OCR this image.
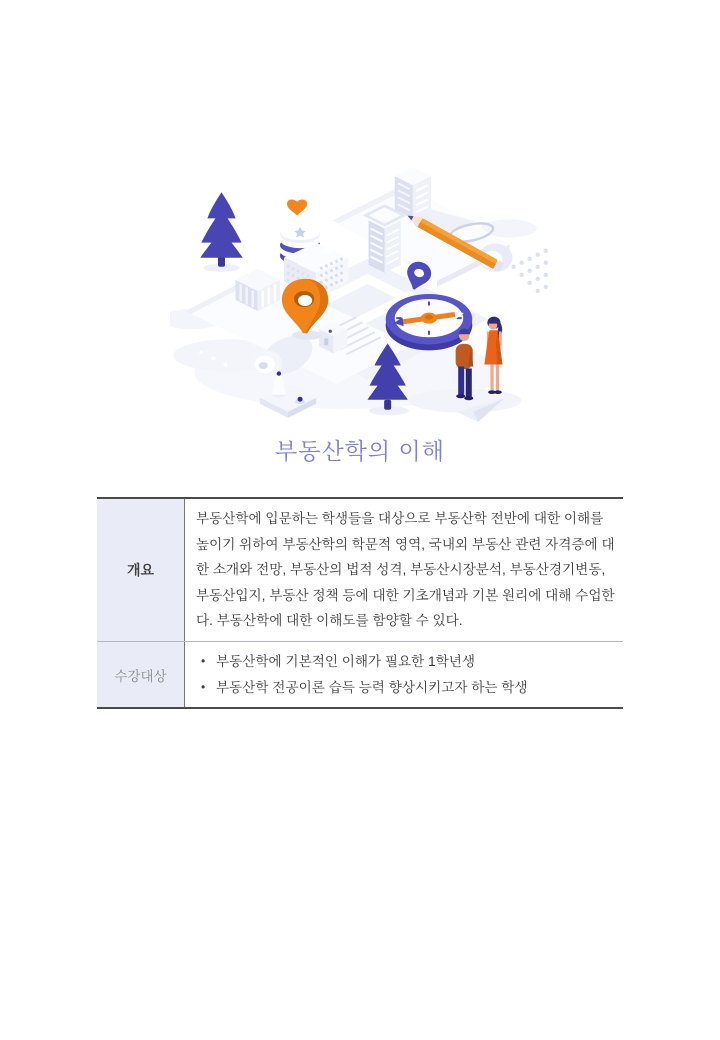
부동산학의 이해
개요
부동산학에 입문하는 학생들을 대상으로 부동산학 전반에 대한 이해를 높이기 위하여 부동산학의 학문적 영역, 국내외 부동산 관련 자격증에 대한 소개와 전망, 부동산의 법적 성격, 부동산시장분석, 부동산경기변동, 부동산입지, 부동산 정책 등에 대한 기초개념과 기본 원리에 대해 수업한다. 부동산학에 대한 이해도를 함양할 수 있다.
수강대상
• 부동산학에 기본적인 이해가 필요한 1학년생
• 부동산학 전공이론 습득 능력 향상시키고자 하는 학생
